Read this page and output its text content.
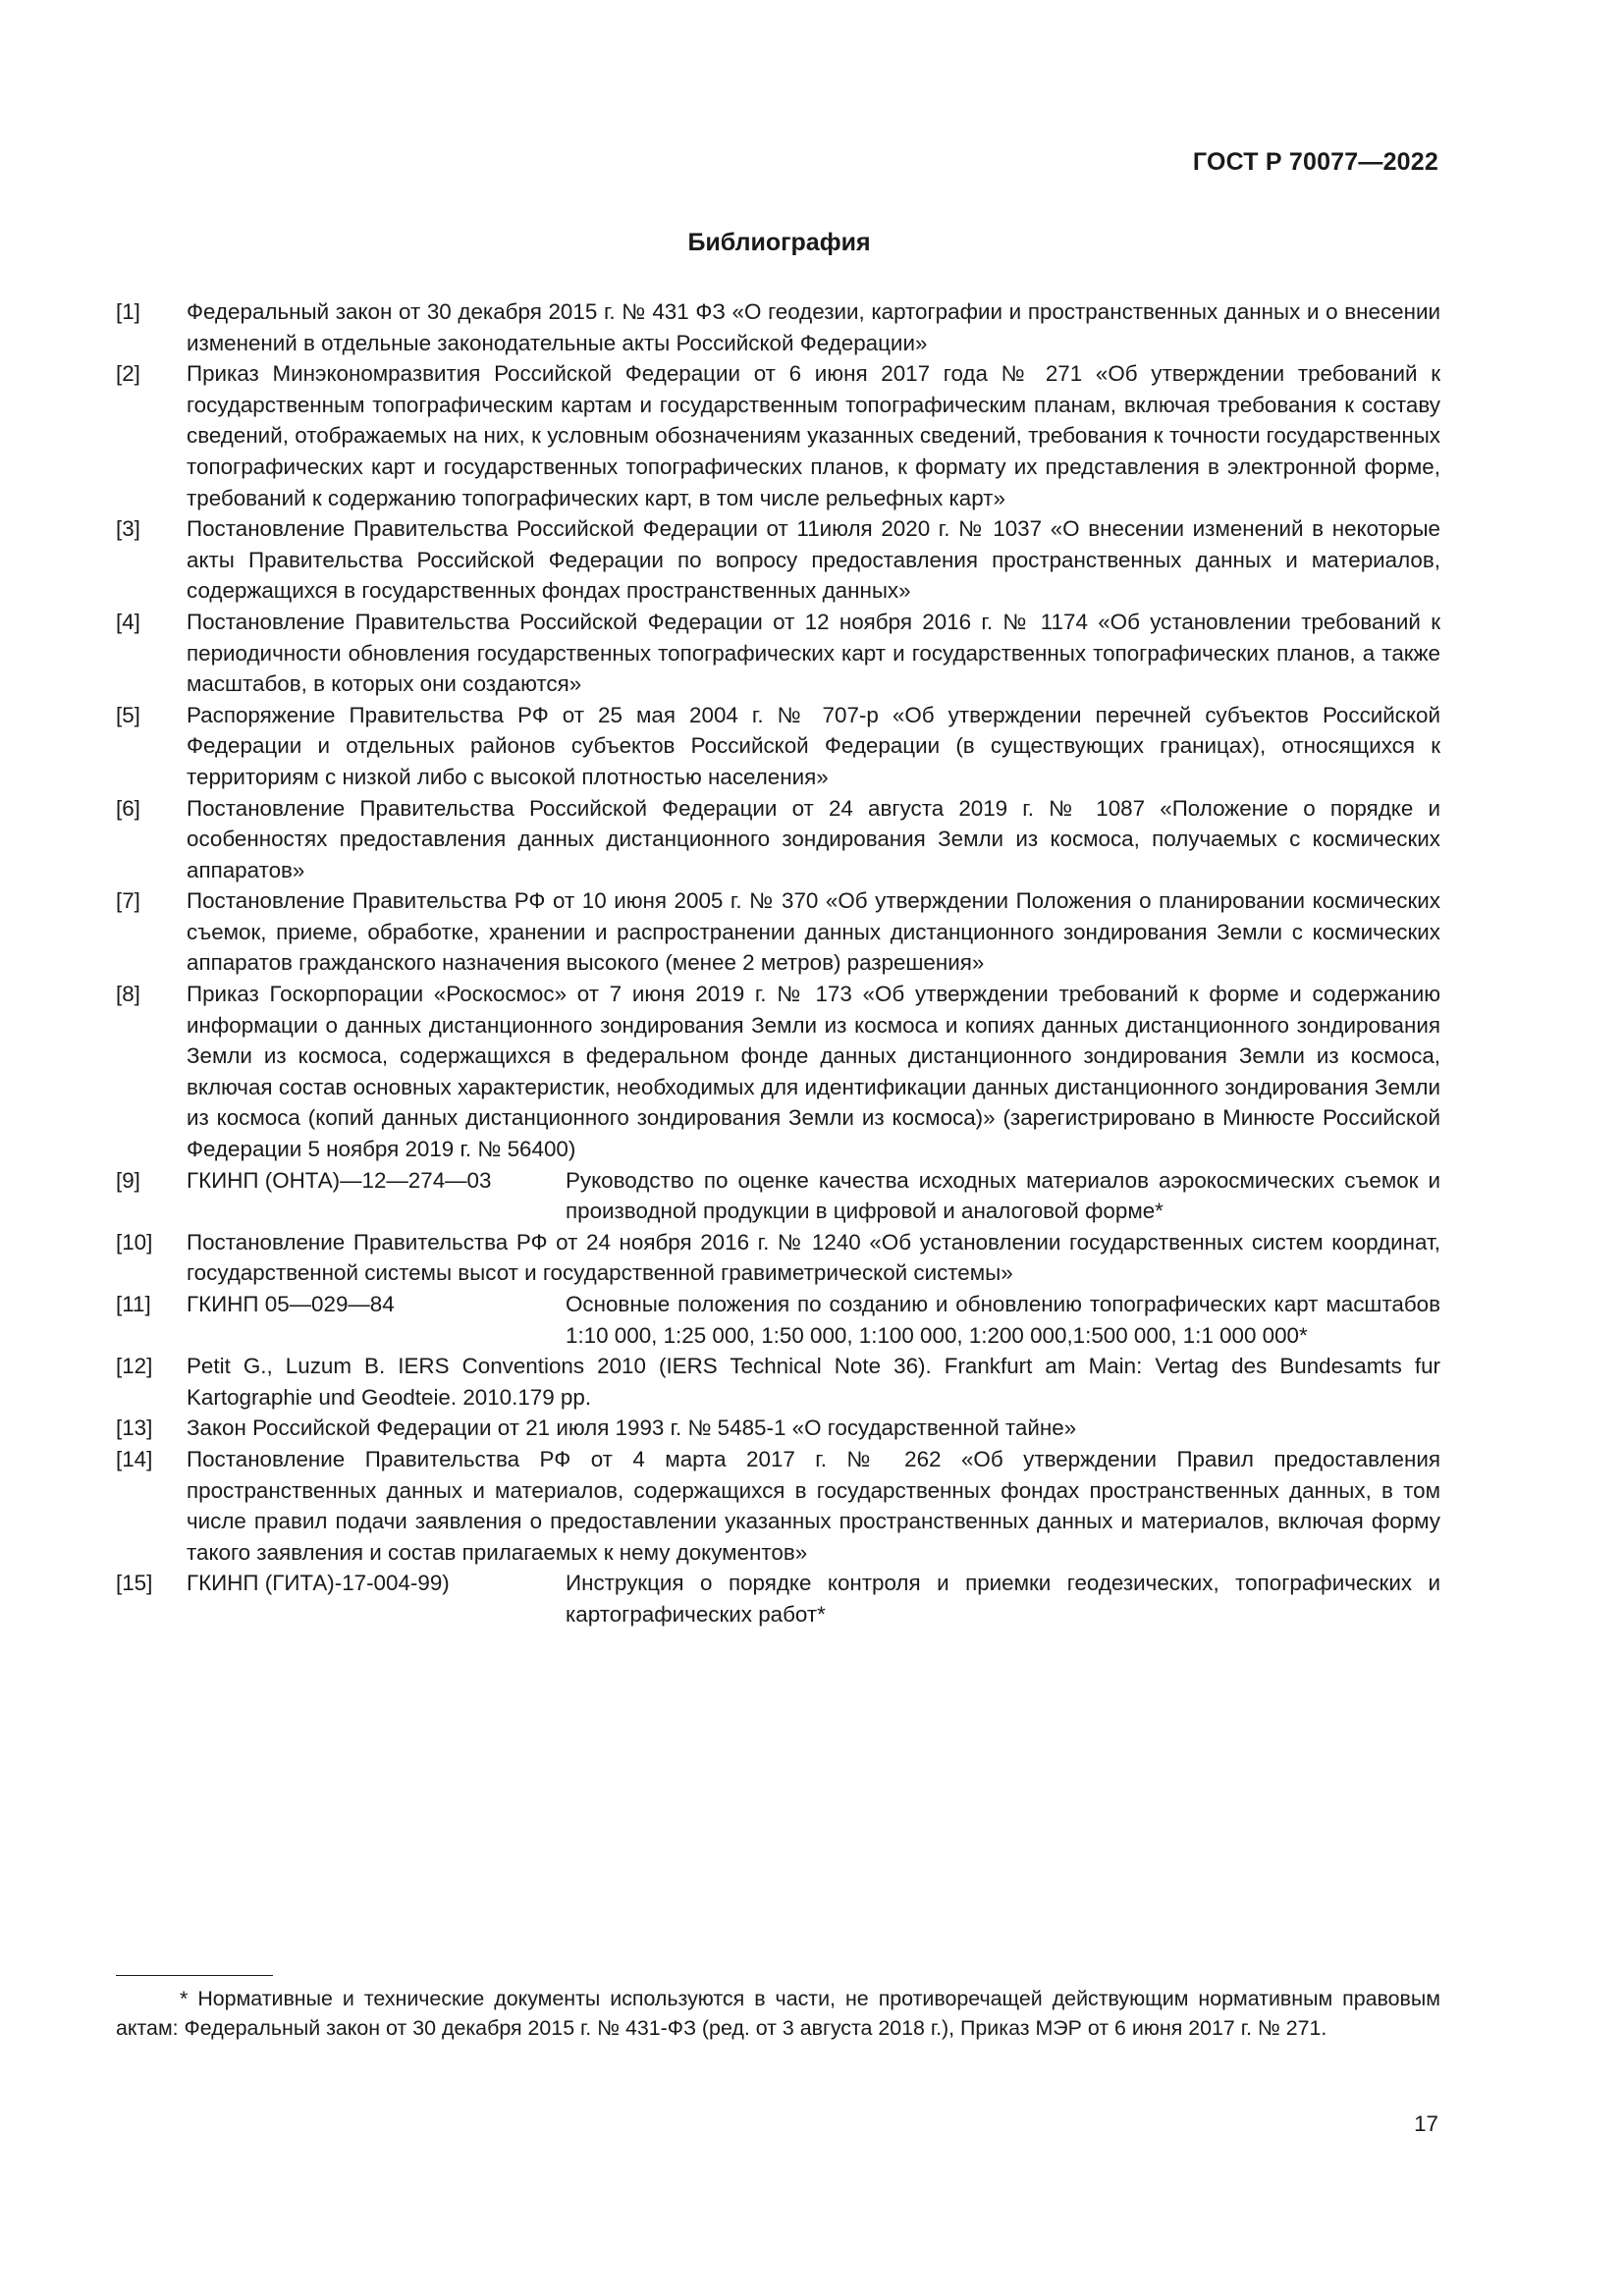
ГОСТ Р 70077—2022
Библиография
[1]	Федеральный закон от 30 декабря 2015 г. № 431 ФЗ «О геодезии, картографии и пространственных данных и о внесении изменений в отдельные законодательные акты Российской Федерации»
[2]	Приказ Минэкономразвития Российской Федерации от 6 июня 2017 года № 271 «Об утверждении требований к государственным топографическим картам и государственным топографическим планам, включая требования к составу сведений, отображаемых на них, к условным обозначениям указанных сведений, требования к точности государственных топографических карт и государственных топографических планов, к формату их представления в электронной форме, требований к содержанию топографических карт, в том числе рельефных карт»
[3]	Постановление Правительства Российской Федерации от 11июля 2020 г. № 1037 «О внесении изменений в некоторые акты Правительства Российской Федерации по вопросу предоставления пространственных данных и материалов, содержащихся в государственных фондах пространственных данных»
[4]	Постановление Правительства Российской Федерации от 12 ноября 2016 г. № 1174 «Об установлении требований к периодичности обновления государственных топографических карт и государственных топографических планов, а также масштабов, в которых они создаются»
[5]	Распоряжение Правительства РФ от 25 мая 2004 г. № 707-р «Об утверждении перечней субъектов Российской Федерации и отдельных районов субъектов Российской Федерации (в существующих границах), относящихся к территориям с низкой либо с высокой плотностью населения»
[6]	Постановление Правительства Российской Федерации от 24 августа 2019 г. № 1087 «Положение о порядке и особенностях предоставления данных дистанционного зондирования Земли из космоса, получаемых с космических аппаратов»
[7]	Постановление Правительства РФ от 10 июня 2005 г. № 370 «Об утверждении Положения о планировании космических съемок, приеме, обработке, хранении и распространении данных дистанционного зондирования Земли с космических аппаратов гражданского назначения высокого (менее 2 метров) разрешения»
[8]	Приказ Госкорпорации «Роскосмос» от 7 июня 2019 г. № 173 «Об утверждении требований к форме и содержанию информации о данных дистанционного зондирования Земли из космоса и копиях данных дистанционного зондирования Земли из космоса, содержащихся в федеральном фонде данных дистанционного зондирования Земли из космоса, включая состав основных характеристик, необходимых для идентификации данных дистанционного зондирования Земли из космоса (копий данных дистанционного зондирования Земли из космоса)» (зарегистрировано в Минюсте Российской Федерации 5 ноября 2019 г. № 56400)
[9]	ГКИНП (ОНТА)—12—274—03	Руководство по оценке качества исходных материалов аэрокосмических съемок и производной продукции в цифровой и аналоговой форме*
[10]	Постановление Правительства РФ от 24 ноября 2016 г. № 1240 «Об установлении государственных систем координат, государственной системы высот и государственной гравиметрической системы»
[11]	ГКИНП 05—029—84	Основные положения по созданию и обновлению топографических карт масштабов 1:10 000, 1:25 000, 1:50 000, 1:100 000, 1:200 000,1:500 000, 1:1 000 000*
[12]	Petit G., Luzum B. IERS Conventions 2010 (IERS Technical Note 36). Frankfurt am Main: Vertag des Bundesamts fur Kartographie und Geodteie. 2010.179 pp.
[13]	Закон Российской Федерации от 21 июля 1993 г. № 5485-1 «О государственной тайне»
[14]	Постановление Правительства РФ от 4 марта 2017 г. № 262 «Об утверждении Правил предоставления пространственных данных и материалов, содержащихся в государственных фондах пространственных данных, в том числе правил подачи заявления о предоставлении указанных пространственных данных и материалов, включая форму такого заявления и состав прилагаемых к нему документов»
[15]	ГКИНП (ГИТА)-17-004-99)	Инструкция о порядке контроля и приемки геодезических, топографических и картографических работ*
* Нормативные и технические документы используются в части, не противоречащей действующим нормативным правовым актам: Федеральный закон от 30 декабря 2015 г. № 431-ФЗ (ред. от 3 августа 2018 г.), Приказ МЭР от 6 июня 2017 г. № 271.
17
